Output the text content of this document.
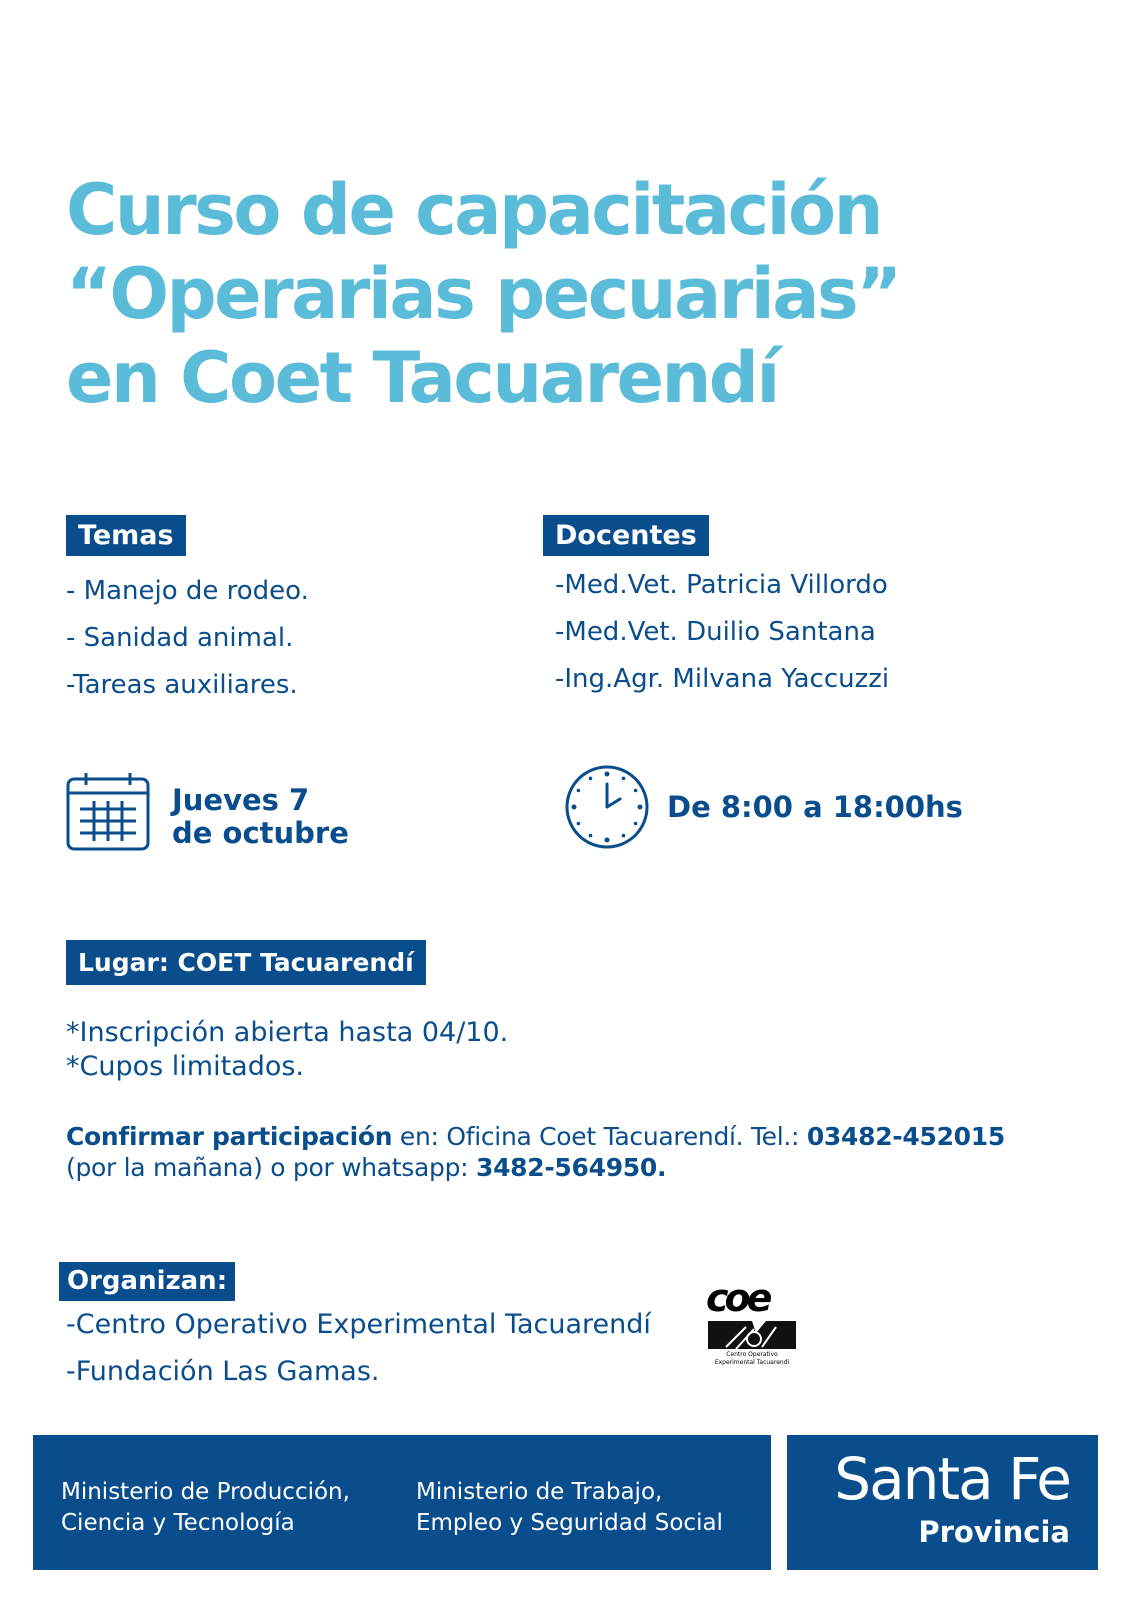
Curso de capacitación
“Operarias pecuarias”
en Coet Tacuarendí
Temas
- Manejo de rodeo.
- Sanidad animal.
-Tareas auxiliares.
Docentes
-Med.Vet. Patricia Villordo
-Med.Vet. Duilio Santana
-Ing.Agr. Milvana Yaccuzzi
Jueves 7
de octubre
De 8:00 a 18:00hs
Lugar: COET Tacuarendí
*Inscripción abierta hasta 04/10.
*Cupos limitados.
Confirmar participación en: Oficina Coet Tacuarendí. Tel.: 03482-452015
(por la mañana) o por whatsapp: 3482-564950.
Organizan:
-Centro Operativo Experimental Tacuarendí
-Fundación Las Gamas.
coe
Centro Operativo
Experimental Tacuarendí
Ministerio de Producción,
Ciencia y Tecnología
Ministerio de Trabajo,
Empleo y Seguridad Social
Santa Fe
Provincia
